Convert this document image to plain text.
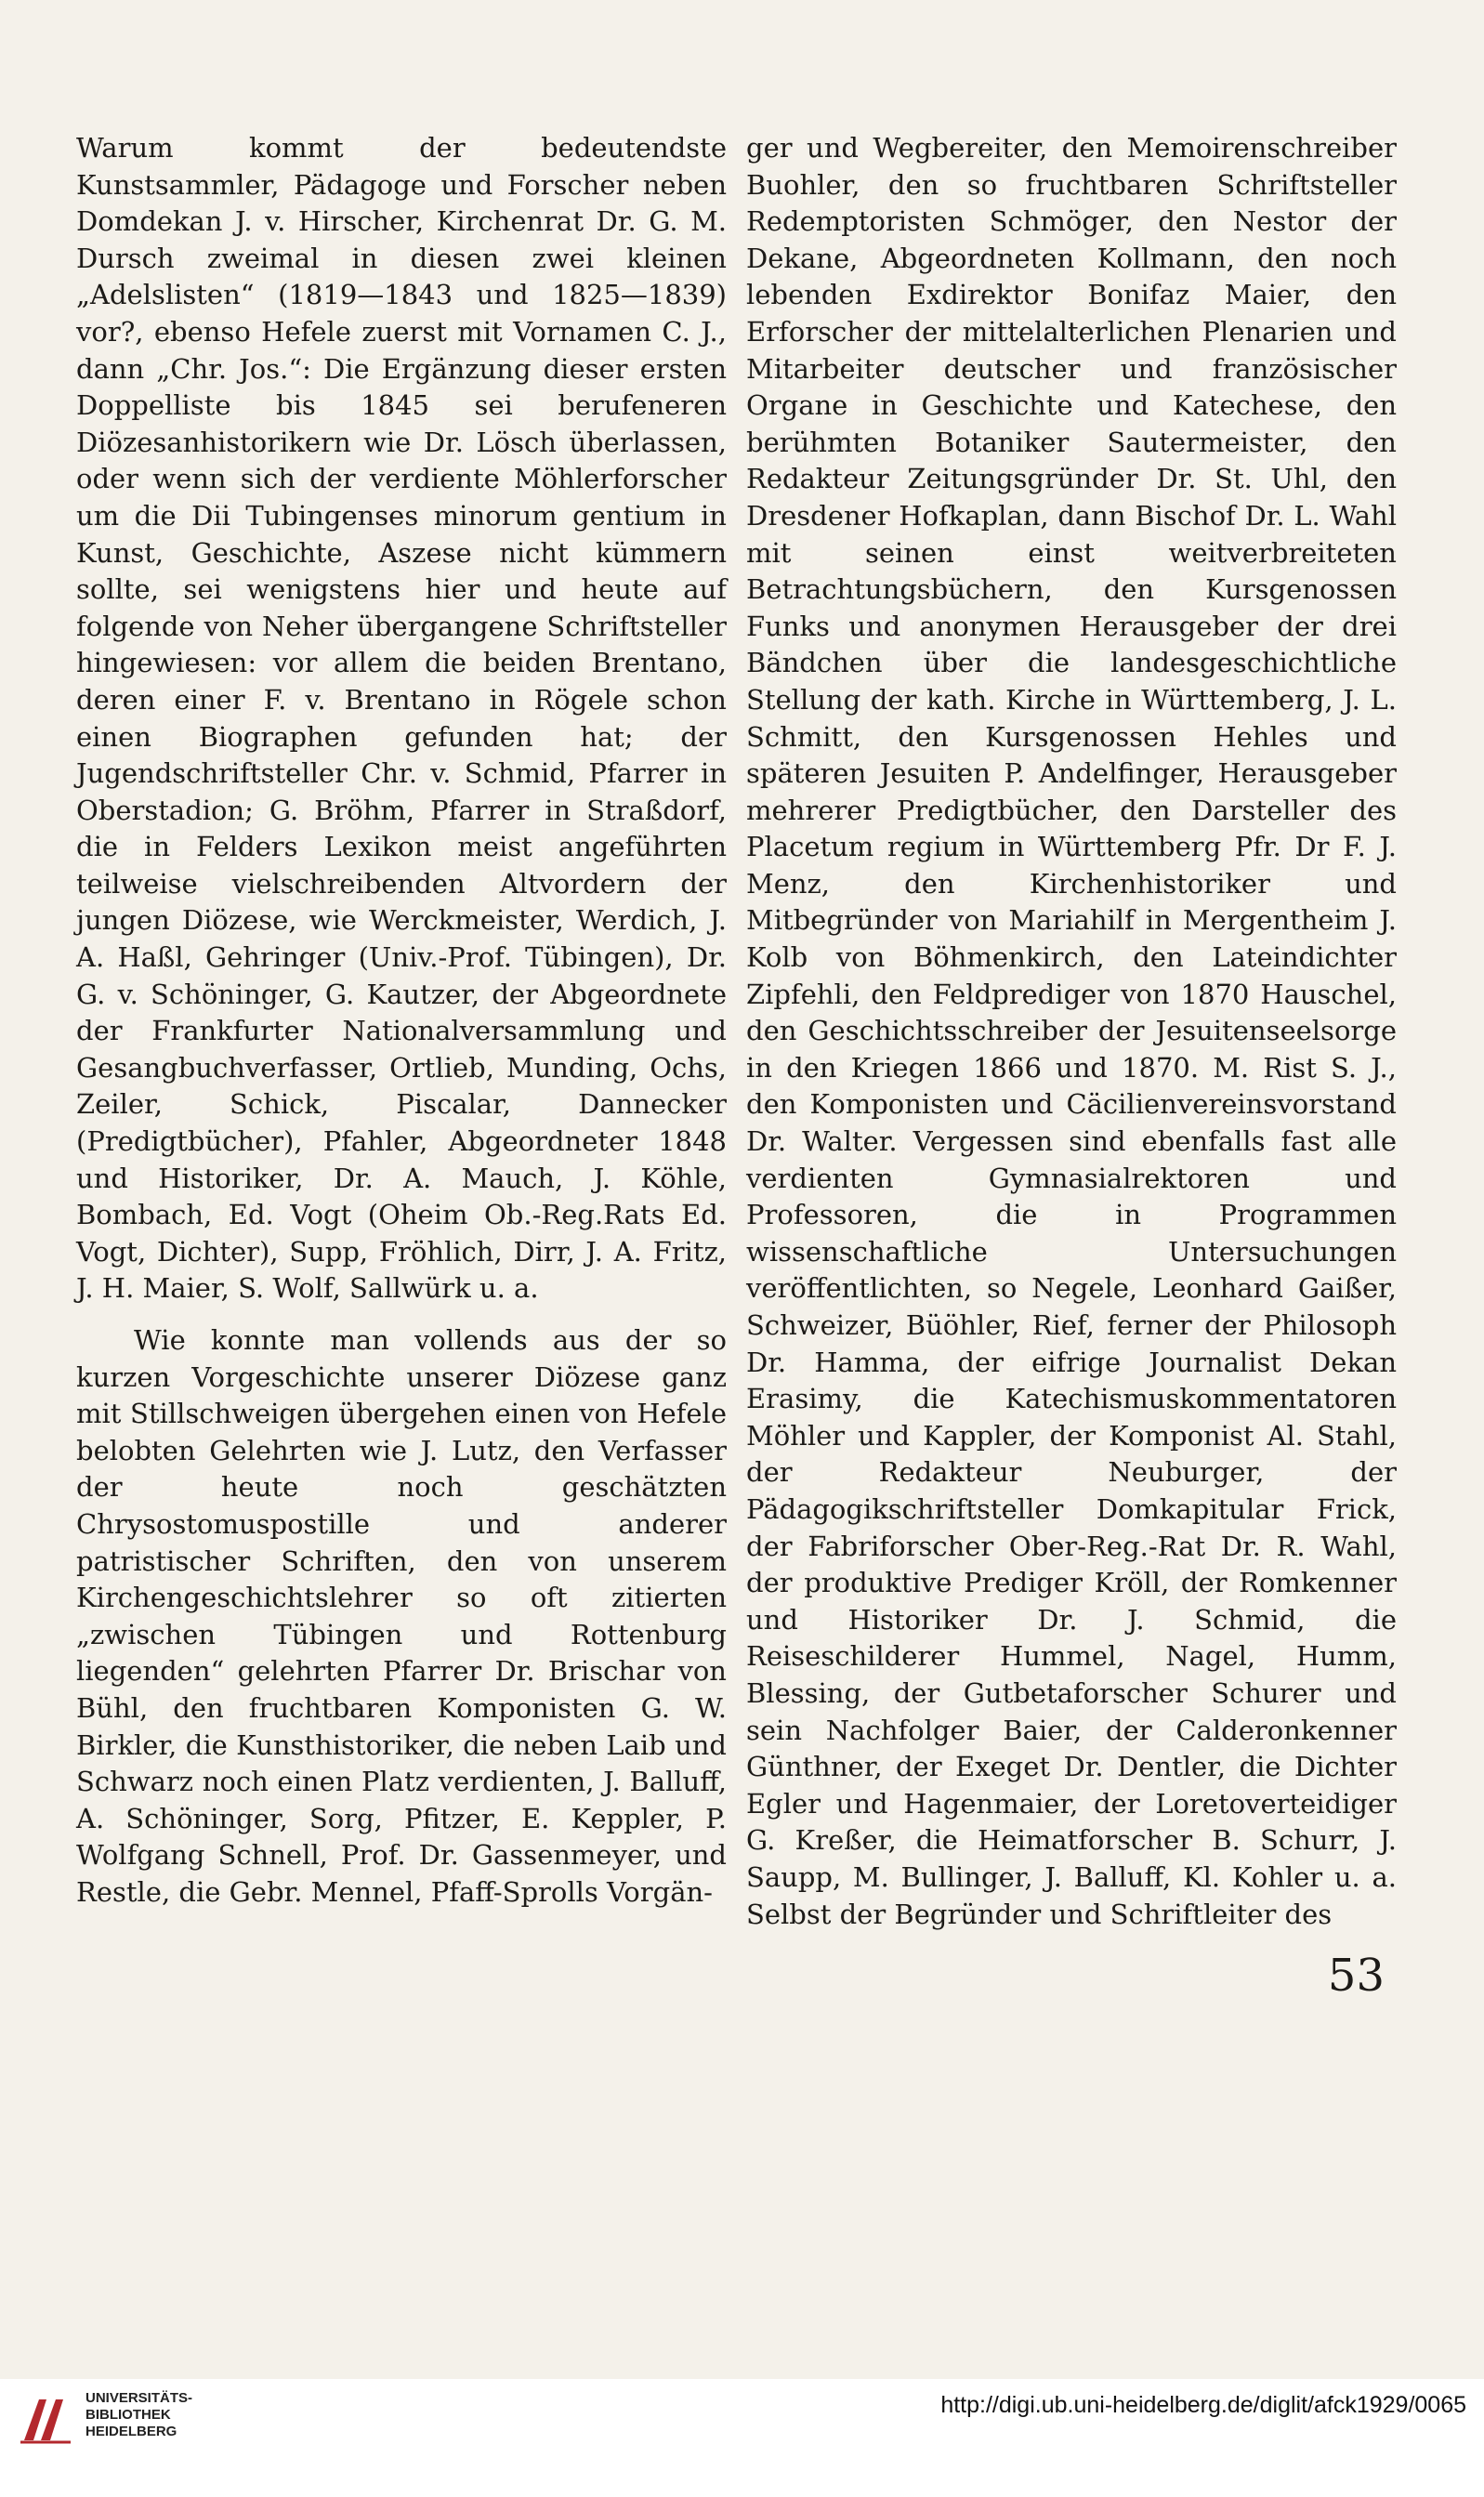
Warum kommt der bedeutendste Kunstsammler, Pädagoge und Forscher neben Domdekan J. v. Hirscher, Kirchenrat Dr. G. M. Dursch zweimal in diesen zwei kleinen „Adelslisten“ (1819—1843 und 1825—1839) vor?, ebenso Hefele zuerst mit Vornamen C. J., dann „Chr. Jos.“: Die Ergänzung dieser ersten Doppelliste bis 1845 sei berufeneren Diözesanhistorikern wie Dr. Lösch überlassen, oder wenn sich der verdiente Möhlerforscher um die Dii Tubingenses minorum gentium in Kunst, Geschichte, Aszese nicht kümmern sollte, sei wenigstens hier und heute auf folgende von Neher übergangene Schriftsteller hingewiesen: vor allem die beiden Brentano, deren einer F. v. Brentano in Rögele schon einen Biographen gefunden hat; der Jugendschriftsteller Chr. v. Schmid, Pfarrer in Oberstadion; G. Bröhm, Pfarrer in Straßdorf, die in Felders Lexikon meist angeführten teilweise vielschreibenden Altvordern der jungen Diözese, wie Werckmeister, Werdich, J. A. Haßl, Gehringer (Univ.-Prof. Tübingen), Dr. G. v. Schöninger, G. Kautzer, der Abgeordnete der Frankfurter Nationalversammlung und Gesangbuchverfasser, Ortlieb, Munding, Ochs, Zeiler, Schick, Piscalar, Dannecker (Predigtbücher), Pfahler, Abgeordneter 1848 und Historiker, Dr. A. Mauch, J. Köhle, Bombach, Ed. Vogt (Oheim Ob.-Reg.Rats Ed. Vogt, Dichter), Supp, Fröhlich, Dirr, J. A. Fritz, J. H. Maier, S. Wolf, Sallwürk u. a.

Wie konnte man vollends aus der so kurzen Vorgeschichte unserer Diözese ganz mit Stillschweigen übergehen einen von Hefele belobten Gelehrten wie J. Lutz, den Verfasser der heute noch geschätzten Chrysostomuspostille und anderer patristischer Schriften, den von unserem Kirchengeschichtslehrer so oft zitierten „zwischen Tübingen und Rottenburg liegenden“ gelehrten Pfarrer Dr. Brischar von Bühl, den fruchtbaren Komponisten G. W. Birkler, die Kunsthistoriker, die neben Laib und Schwarz noch einen Platz verdienten, J. Balluff, A. Schöninger, Sorg, Pfitzer, E. Keppler, P. Wolfgang Schnell, Prof. Dr. Gassenmeyer, und Restle, die Gebr. Mennel, Pfaff-Sprolls Vorgän-

ger und Wegbereiter, den Memoirenschreiber Buohler, den so fruchtbaren Schriftsteller Redemptoristen Schmöger, den Nestor der Dekane, Abgeordneten Kollmann, den noch lebenden Exdirektor Bonifaz Maier, den Erforscher der mittelalterlichen Plenarien und Mitarbeiter deutscher und französischer Organe in Geschichte und Katechese, den berühmten Botaniker Sautermeister, den Redakteur Zeitungsgründer Dr. St. Uhl, den Dresdener Hofkaplan, dann Bischof Dr. L. Wahl mit seinen einst weitverbreiteten Betrachtungsbüchern, den Kursgenossen Funks und anonymen Herausgeber der drei Bändchen über die landesgeschichtliche Stellung der kath. Kirche in Württemberg, J. L. Schmitt, den Kursgenossen Hehles und späteren Jesuiten P. Andelfinger, Herausgeber mehrerer Predigtbücher, den Darsteller des Placetum regium in Württemberg Pfr. Dr F. J. Menz, den Kirchenhistoriker und Mitbegründer von Mariahilf in Mergentheim J. Kolb von Böhmenkirch, den Lateindichter Zipfehli, den Feldprediger von 1870 Hauschel, den Geschichtsschreiber der Jesuitenseelsorge in den Kriegen 1866 und 1870. M. Rist S. J., den Komponisten und Cäcilienvereinsvorstand Dr. Walter. Vergessen sind ebenfalls fast alle verdienten Gymnasialrektoren und Professoren, die in Programmen wissenschaftliche Untersuchungen veröffentlichten, so Negele, Leonhard Gaißer, Schweizer, Büöhler, Rief, ferner der Philosoph Dr. Hamma, der eifrige Journalist Dekan Erasimy, die Katechismuskommentatoren Möhler und Kappler, der Komponist Al. Stahl, der Redakteur Neuburger, der Pädagogikschriftsteller Domkapitular Frick, der Fabriforscher Ober-Reg.-Rat Dr. R. Wahl, der produktive Prediger Kröll, der Romkenner und Historiker Dr. J. Schmid, die Reiseschilderer Hummel, Nagel, Humm, Blessing, der Gutbetaforscher Schurer und sein Nachfolger Baier, der Calderonkenner Günthner, der Exeget Dr. Dentler, die Dichter Egler und Hagenmaier, der Loretoverteidiger G. Kreßer, die Heimatforscher B. Schurr, J. Saupp, M. Bullinger, J. Balluff, Kl. Kohler u. a. Selbst der Begründer und Schriftleiter des

53
UNIVERSITÄTS-
BIBLIOTHEK
HEIDELBERG
http://digi.ub.uni-heidelberg.de/diglit/afck1929/0065
